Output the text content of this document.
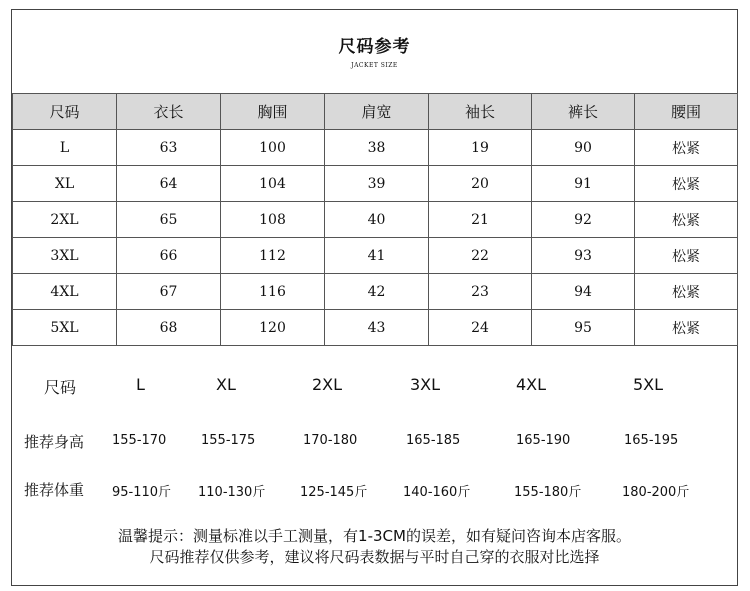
尺码参考
JACKET SIZE
尺码	衣长	胸围	肩宽	袖长	裤长	腰围
L	63	100	38	19	90	松紧
XL	64	104	39	20	91	松紧
2XL	65	108	40	21	92	松紧
3XL	66	112	41	22	93	松紧
4XL	67	116	42	23	94	松紧
5XL	68	120	43	24	95	松紧
尺码	L	XL	2XL	3XL	4XL	5XL
推荐身高 155-170	155-175	170-180	165-185	165-190	165-195
推荐体重 95-110斤 110-130斤	125-145斤	140-160斤	155-180斤	180-200斤
温馨提示：测量标准以手工测量，有1-3CM的误差，如有疑问咨询本店客服。
尺码推荐仅供参考，建议将尺码表数据与平时自己穿的衣服对比选择
